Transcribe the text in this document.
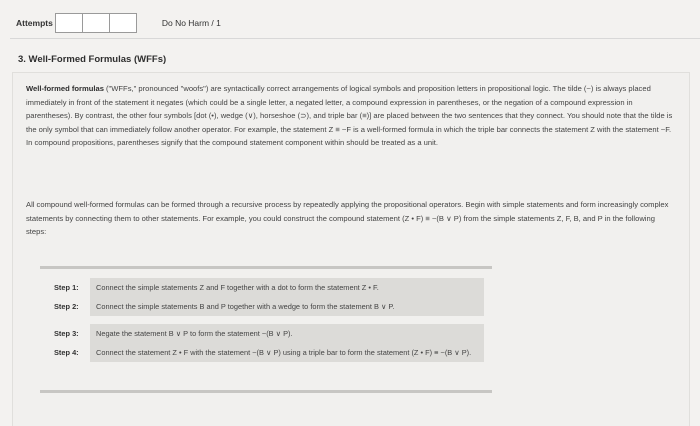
Attempts	Do No Harm / 1
3. Well-Formed Formulas (WFFs)

Well-formed formulas ("WFFs," pronounced "woofs") are syntactically correct arrangements of logical symbols and proposition letters in propositional logic. The tilde (~) is always placed immediately in front of the statement it negates (which could be a single letter, a negated letter, a compound expression in parentheses, or the negation of a compound expression in parentheses). By contrast, the other four symbols [dot (•), wedge (∨), horseshoe (⊃), and triple bar (≡)] are placed between the two sentences that they connect. You should note that the tilde is the only symbol that can immediately follow another operator. For example, the statement Z ≡ ~F is a well-formed formula in which the triple bar connects the statement Z with the statement ~F. In compound propositions, parentheses signify that the compound statement component within should be treated as a unit.

All compound well-formed formulas can be formed through a recursive process by repeatedly applying the propositional operators. Begin with simple statements and form increasingly complex statements by connecting them to other statements. For example, you could construct the compound statement (Z • F) ≡ ~(B ∨ P) from the simple statements Z, F, B, and P in the following steps:

Step 1:	Connect the simple statements Z and F together with a dot to form the statement Z • F.
Step 2:	Connect the simple statements B and P together with a wedge to form the statement B ∨ P.

Step 3:	Negate the statement B ∨ P to form the statement ~(B ∨ P).
Step 4:	Connect the statement Z • F with the statement ~(B ∨ P) using a triple bar to form the statement (Z • F) ≡ ~(B ∨ P).
